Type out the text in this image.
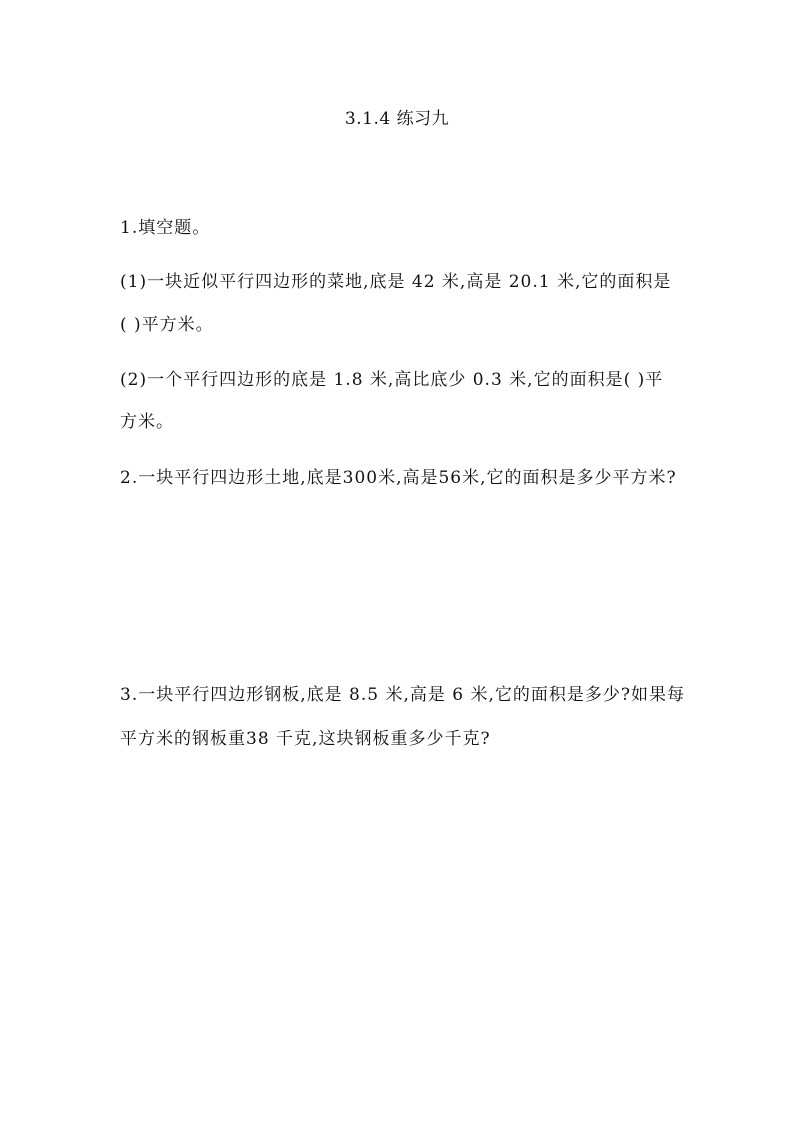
3.1.4 练习九
1.填空题。
(1)一块近似平行四边形的菜地,底是 42 米,高是 20.1 米,它的面积是
( )平方米。
(2)一个平行四边形的底是 1.8 米,高比底少 0.3 米,它的面积是( )平
方米。
2.一块平行四边形土地,底是300米,高是56米,它的面积是多少平方米?
3.一块平行四边形钢板,底是 8.5 米,高是 6 米,它的面积是多少?如果每
平方米的钢板重38 千克,这块钢板重多少千克?
